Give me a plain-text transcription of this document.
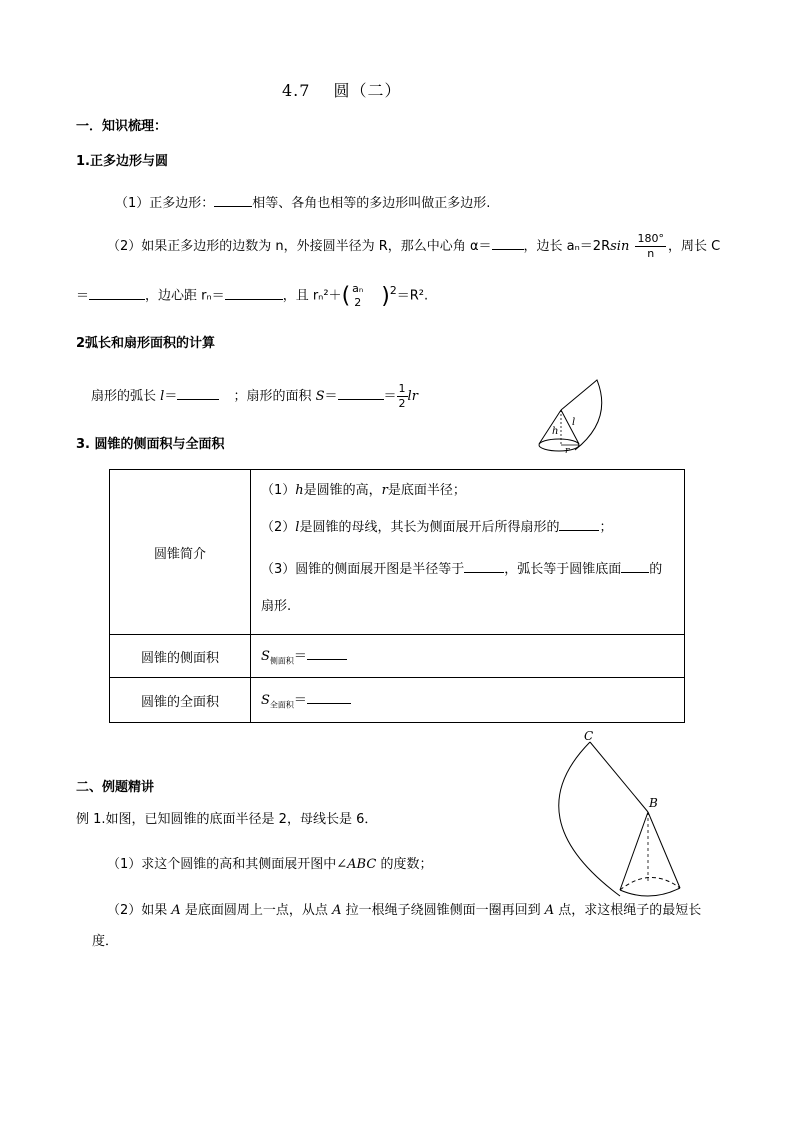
4.7　 圆（二）
一．知识梳理：
1.正多边形与圆
（1）正多边形：	相等、各角也相等的多边形叫做正多边形.
（2）如果正多边形的边数为 n，外接圆半径为 R，那么中心角 α＝ ，边长 $a_n=2Rsin \frac{180^\circ}{n}$ ，周长 C
＝	，边心距 rₙ＝	，且 rₙ²＋( aₙ
2 )$^2$＝R².
2弧长和扇形面积的计算
扇形的弧长 l＝	；扇形的面积 S＝	＝ $\frac{1}{2}$ lr
h
l
r
3. 圆锥的侧面积与全面积
圆锥简介	（1）h是圆锥的高，r是底面半径；
（2）l是圆锥的母线，其长为侧面展开后所得扇形的 ；
（3）圆锥的侧面展开图是半径等于 ，弧长等于圆锥底面 的
扇形.

圆锥的侧面积	$S_{侧面积}=$
圆锥的全面积	$S_{全面积}=$
C
B
二、例题精讲
例 1.如图，已知圆锥的底面半径是 2，母线长是 6．
（1）求这个圆锥的高和其侧面展开图中∠ABC 的度数；
（2）如果 A 是底面圆周上一点，从点 A 拉一根绳子绕圆锥侧面一圈再回到 A 点，求这根绳子的最短长
度．
